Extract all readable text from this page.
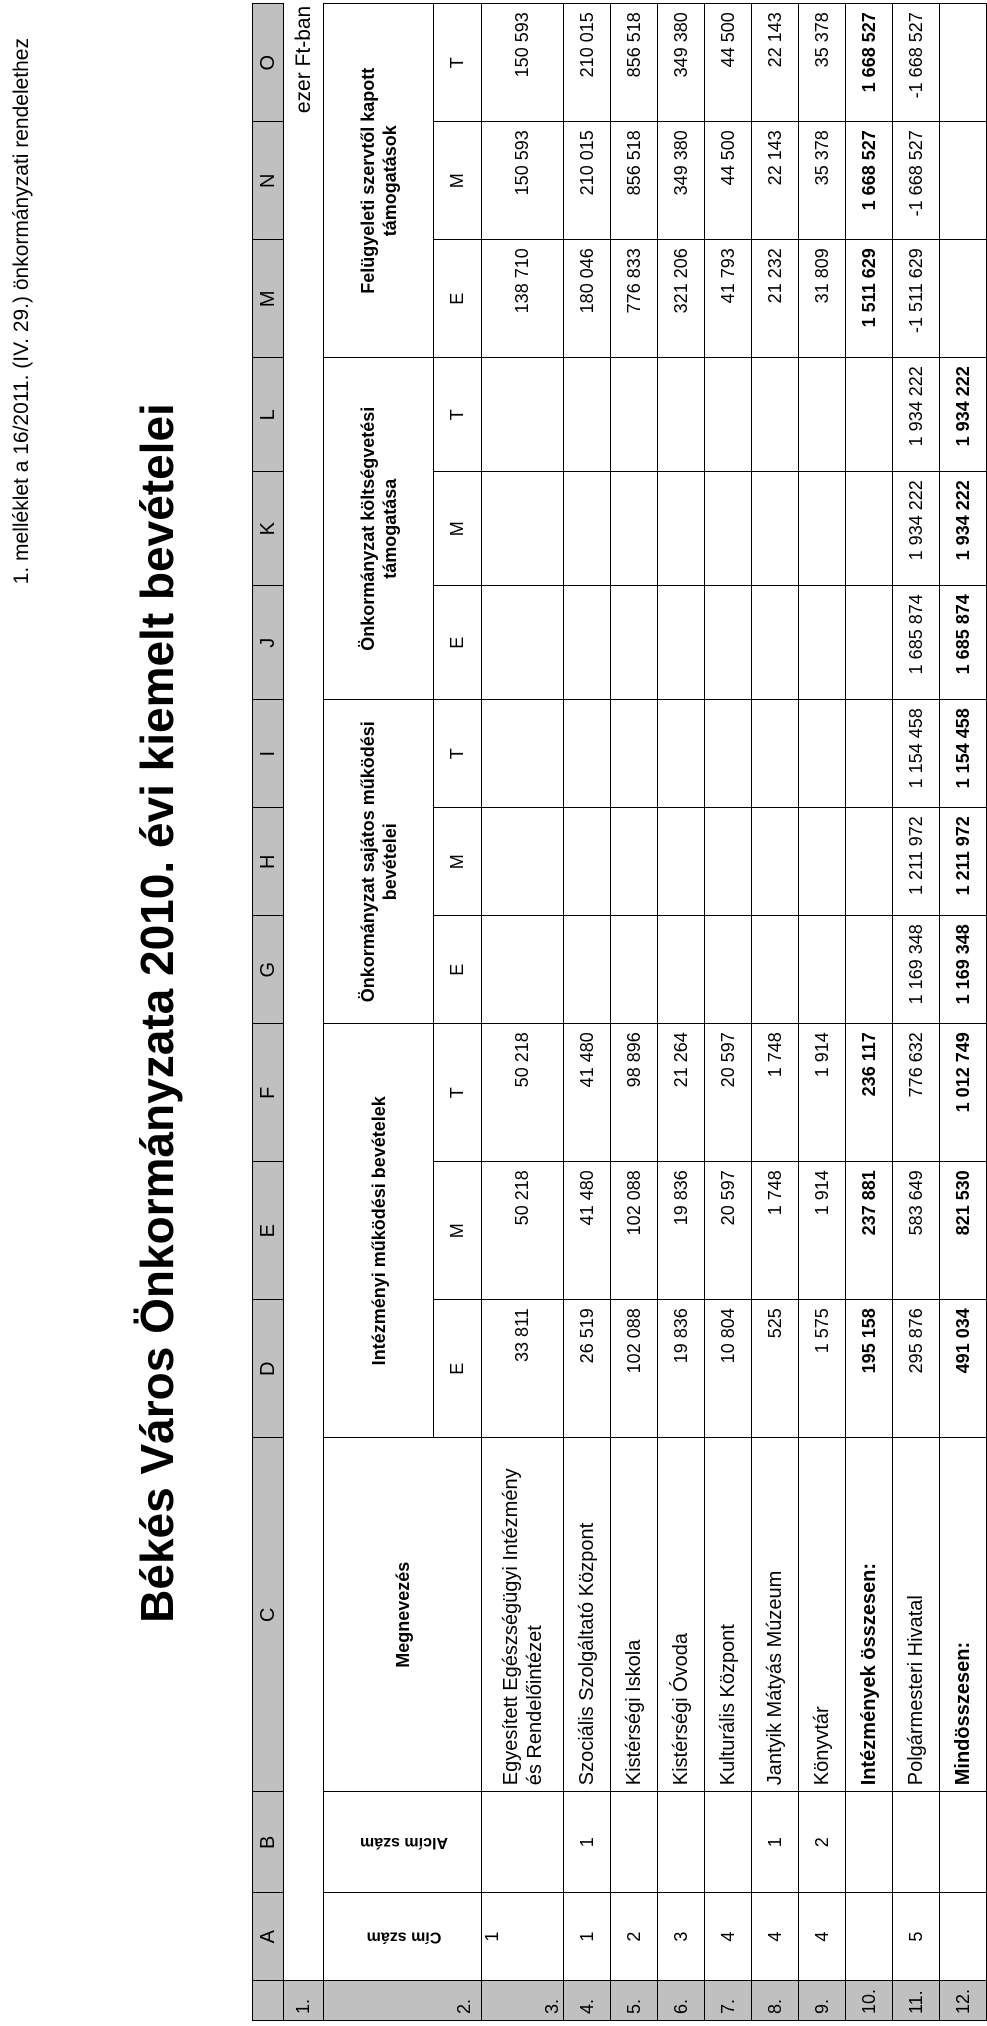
1. melléklet a 16/2011. (IV. 29.) önkormányzati rendelethez
Békés Város Önkormányzata 2010. évi kiemelt bevételei
	A	B	C	D	E	F	G	H	I	J	K	L	M	N	O
1.	ezer Ft-ban														
2.	Cím szám	Alcím szám	Megnevezés	Intézményi működési bevételek			Önkormányzat sajátos működési bevételei			Önkormányzat költségvetési támogatása			Felügyeleti szervtől kapott támogatások		
				E	M	T	E	M	T	E	M	T	E	M	T
3.	1		Egyesített Egészségügyi Intézmény és Rendelőintézet	33 811	50 218	50 218							138 710	150 593	150 593
4.	1	1	Szociális Szolgáltató Központ	26 519	41 480	41 480							180 046	210 015	210 015
5.	2		Kistérségi Iskola	102 088	102 088	98 896							776 833	856 518	856 518
6.	3		Kistérségi Óvoda	19 836	19 836	21 264							321 206	349 380	349 380
7.	4		Kulturális Központ	10 804	20 597	20 597							41 793	44 500	44 500
8.	4	1	Jantyik Mátyás Múzeum	525	1 748	1 748							21 232	22 143	22 143
9.	4	2	Könyvtár	1 575	1 914	1 914							31 809	35 378	35 378
10.			Intézmények összesen:	195 158	237 881	236 117							1 511 629	1 668 527	1 668 527
11.	5		Polgármesteri Hivatal	295 876	583 649	776 632	1 169 348	1 211 972	1 154 458	1 685 874	1 934 222	1 934 222	-1 511 629	-1 668 527	-1 668 527
12.			Mindösszesen:	491 034	821 530	1 012 749	1 169 348	1 211 972	1 154 458	1 685 874	1 934 222	1 934 222			
